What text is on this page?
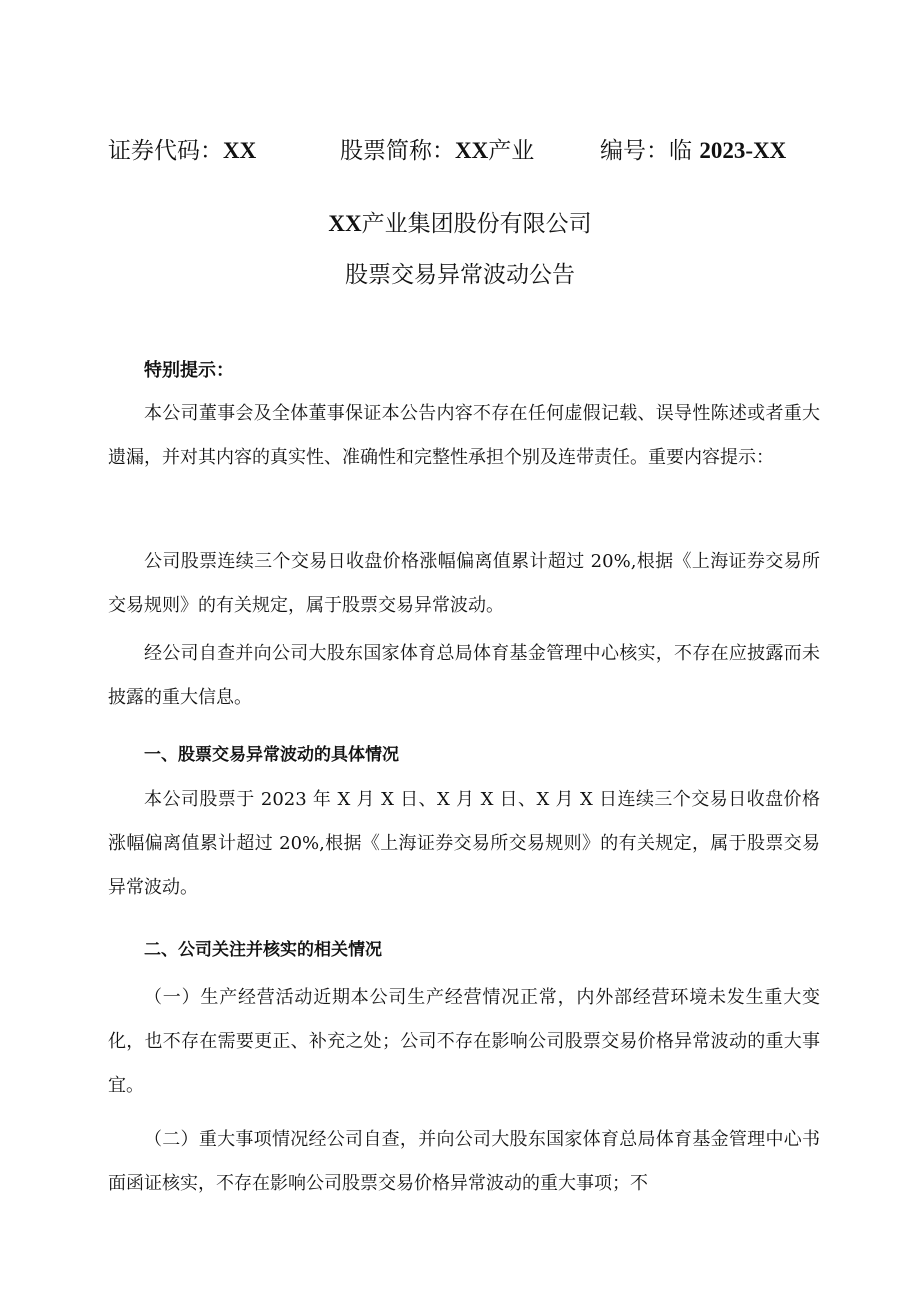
证券代码：XX	股票简称：XX产业	编号：临 2023-XX
XX产业集团股份有限公司
股票交易异常波动公告
特别提示：
本公司董事会及全体董事保证本公告内容不存在任何虚假记载、误导性陈述或者重大遗漏，并对其内容的真实性、准确性和完整性承担个别及连带责任。重要内容提示：
公司股票连续三个交易日收盘价格涨幅偏离值累计超过 20%,根据《上海证券交易所交易规则》的有关规定，属于股票交易异常波动。
经公司自查并向公司大股东国家体育总局体育基金管理中心核实，不存在应披露而未披露的重大信息。
一、股票交易异常波动的具体情况
本公司股票于 2023 年 X 月 X 日、X 月 X 日、X 月 X 日连续三个交易日收盘价格涨幅偏离值累计超过 20%,根据《上海证券交易所交易规则》的有关规定，属于股票交易异常波动。
二、公司关注并核实的相关情况
（一）生产经营活动近期本公司生产经营情况正常，内外部经营环境未发生重大变化，也不存在需要更正、补充之处；公司不存在影响公司股票交易价格异常波动的重大事宜。
（二）重大事项情况经公司自查，并向公司大股东国家体育总局体育基金管理中心书面函证核实，不存在影响公司股票交易价格异常波动的重大事项；不
